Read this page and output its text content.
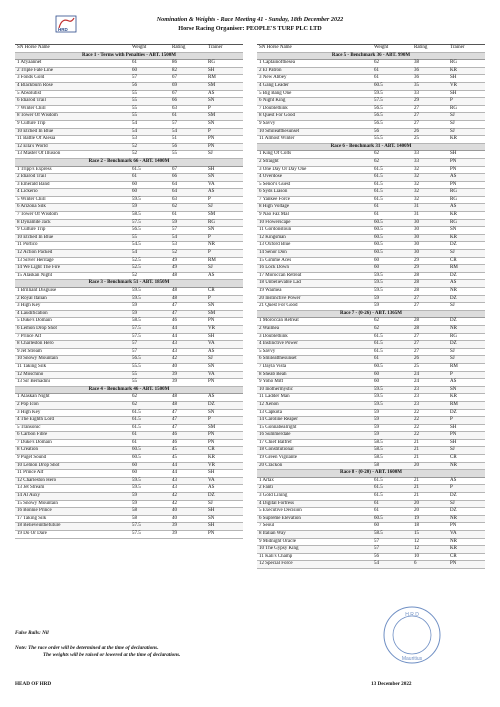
HRD
Nomination & Weights - Race Meeting 41 - Sunday, 18th December 2022
Horse Racing Organiser: PEOPLE'S TURF PLC LTD
SN Horse Name	Weight	Rating	Trainer
Race 1 - Terms with Penalties - ABT. 1500M
1 Afyaannet	61	86	RG
2 Triple Fate Line	60	82	SH
3 Fonds Gold	57	67	RM
4 Blackburn Rose	56	69	SM
5 Absolutist	55	67	AS
6 Idiarod Trail	55	66	SN
7 Winter Chill	55	63	P
8 Tower Of Wisdom	55	61	SM
9 Culture Trip	54	57	SN
10 Etched In Blue	54	54	P
11 Battle Of Alesia	53	51	PN
12 Ella's World	52	56	PN
13 Master Of Illusion	52	55	SJ
Race 2 - Benchmark 66 - ABT. 1400M
1 Tripp's Express	61.5	67	SH
2 Idiarod Trail	61	66	SN
3 Emerald Band	60	64	VA
4 Lickerio	60	64	AS
5 Winter Chill	59.5	63	P
6 Arizona Silk	59	62	SJ
7 Tower Of Wisdom	58.5	61	SM
8 Dynamite Jack	57.5	59	RG
9 Culture Trip	56.5	57	SN
10 Etched In Blue	55	54	P
11 Portico	54.5	53	NR
12 Action Packed	54	52	P
13 Silver Heritage	52.5	49	RM
14 We Light The Fire	52.5	49	SJ
15 Alaskan Night	52	48	AS
Race 3 - Benchmark 51 - ABT. 1850M
1 Brilliant Disguise	59.5	48	CR
2 Royal Italian	59.5	48	P
3 High Key	59	47	SN
4 Laudification	59	47	SM
5 Duke's Domain	58.5	46	PN
6 Lemon Drop Shot	57.5	44	VR
7 Prince Alf	57.5	44	SH
8 Charleston Hero	57	43	VA
9 Jet Stream	57	43	AS
10 Snowy Mountain	56.5	42	SJ
11 Taking Silk	55.5	40	SN
12 Moschino	55	39	VA
13 Sir Bernadini	55	39	PN
Race 4 - Benchmark 46 - ABT. 1500M
1 Alaskan Night	62	48	AS
2 Pop Icon	62	48	DZ
3 High Key	61.5	47	SN
4 The Eighth Lord	61.5	47	P
5 Transonic	61.5	47	SM
6 Carbon Fibre	61	46	PN
7 Duke's Domain	61	46	PN
8 Creation	60.5	45	CR
9 Puget Sound	60.5	45	KR
10 Lemon Drop Shot	60	44	VR
11 Prince Alf	60	44	SH
12 Charleston Hero	59.5	43	VA
13 Jet Stream	59.5	43	AS
14 Al Auxy	59	42	DZ
15 Snowy Mountain	59	42	SJ
16 Bonnie Prince	58	40	SH
17 Taking Silk	58	40	SN
18 Believeinthefuture	57.5	39	SH
19 Do Or Dare	57.5	39	PN
SN Horse Name	Weight	Rating	Trainer
Race 5 - Benchmark 36 - ABT. 990M
1 Captainofthesea	62	38	RG
2 El Patron	61	36	KR
3 New Abbey	61	36	SH
4 Gang Leader	60.5	35	VR
5 Big Bang One	59.5	33	SH
6 Night King	57.5	29	P
7 Doublethink	56.5	27	RG
8 Quest For Good	56.5	27	SJ
9 Savvy	56.5	27	SJ
10 Smileatthesunset	56	26	SJ
11 Almost Winter	55.5	25	KR
Race 6 - Benchmark 31 - ABT. 1400M
1 King Of Colts	62	33	SH
2 Straight	62	33	PN
3 One Day Or Day One	61.5	32	PN
4 Overdose	61.5	32	AS
5 Senor's Guest	61.5	32	PN
6 Syds Liason	61.5	32	RG
7 Yankee Force	61.5	32	RG
8 High Voltage	61	31	AS
9 Nao Faz Mal	61	31	KR
10 Flowerscape	60.5	30	RG
11 Gordonstoun	60.5	30	SN
12 Kingsman	60.5	30	KR
13 Oxford Blue	60.5	30	DZ
14 Senor Don	60.5	30	SJ
15 Gimme Aces	60	29	CR
16 Lock Down	60	29	RM
17 Moroccan Retreat	59.5	28	DZ
18 Unbelievable Lad	59.5	28	AS
19 Waimea	59.5	28	NR
20 Instinctive Power	59	27	DZ
21 Quest For Good	59	27	SJ
Race 7 - (0-26) - ABT. 1365M
1 Moroccan Retreat	62	28	DZ
2 Waimea	62	28	NR
3 Doublethink	61.5	27	RG
4 Instinctive Power	61.5	27	DZ
5 Savvy	61.5	27	SJ
6 Smileatthesunset	61	26	SJ
7 Dayla Vista	60.5	25	RM
8 Sheab Beah	60	24	P
9 Yoho Mitt	60	24	AS
10 Inothermystic	59.5	23	SN
11 Ladder Man	59.5	23	KR
12 Xenon	59.5	23	RM
13 Capkota	59	22	DZ
14 Caroline Reaper	59	22	P
15 Gonnabealright	59	22	SH
16 Summerdale	59	22	PN
17 Chief Balfref	58.5	21	SH
18 Constitutional	58.5	21	SJ
19 Green Vigilante	58.5	21	CR
20 Crackon	58	20	NR
Race 8 - (0-20) - ABT. 1600M
1 Artax	61.5	21	AS
2 Fanti	61.5	21	P
3 Gold Lining	61.5	21	DZ
4 Digital Fortress	61	20	SJ
5 Executive Decision	61	20	DZ
6 Supreme Elevation	60.5	19	NR
7 Seoul	60	18	PN
8 Italian Way	58.5	15	VA
9 Midnight Oracle	57	12	NR
10 The Gypsy King	57	12	KR
11 Kali's Champ	56	10	CR
12 Special Force	54	6	PN
False Rails: Nil
Note: The race order will be determined at the time of declarations.
The weights will be raised or lowered at the time of declarations.
HEAD OF HRD	13 December 2022
H.R.D
Mauritius
